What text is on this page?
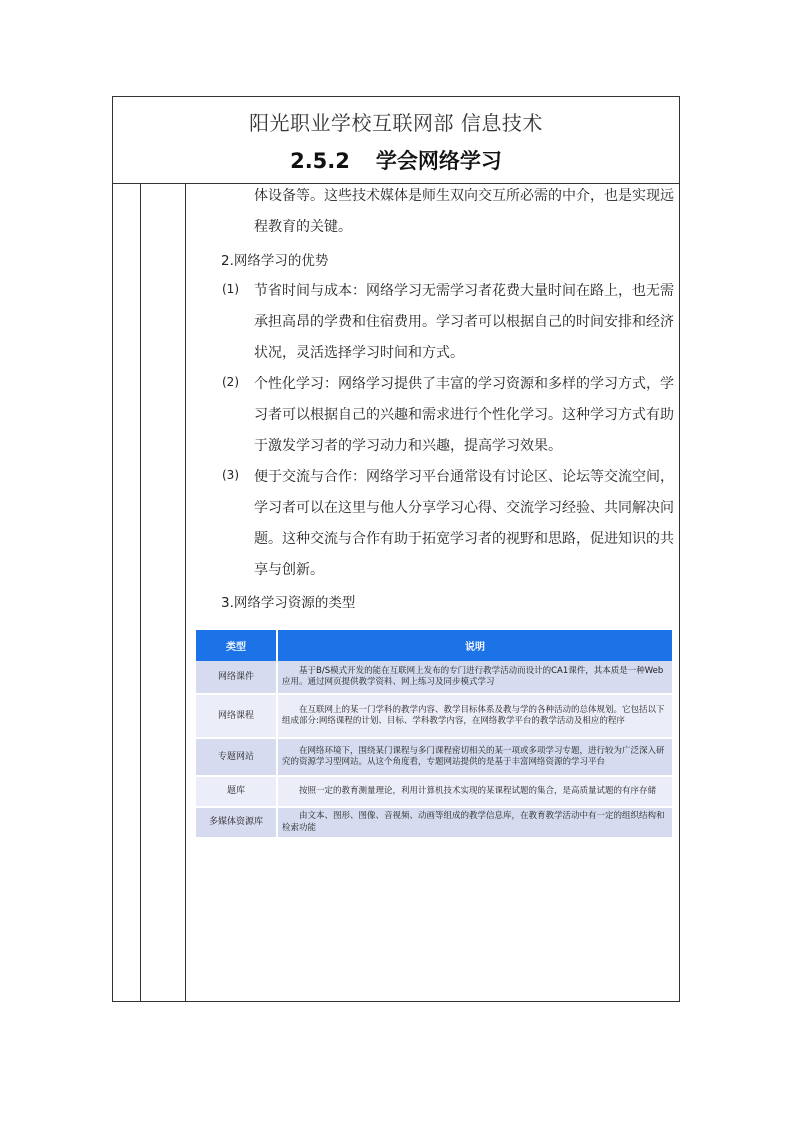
阳光职业学校互联网部 信息技术
2.5.2 学会网络学习
体设备等。这些技术媒体是师生双向交互所必需的中介，也是实现远
程教育的关键。
2.网络学习的优势
(1) 节省时间与成本：网络学习无需学习者花费大量时间在路上，也无需
承担高昂的学费和住宿费用。学习者可以根据自己的时间安排和经济
状况，灵活选择学习时间和方式。
(2) 个性化学习：网络学习提供了丰富的学习资源和多样的学习方式，学
习者可以根据自己的兴趣和需求进行个性化学习。这种学习方式有助
于激发学习者的学习动力和兴趣，提高学习效果。
(3) 便于交流与合作：网络学习平台通常设有讨论区、论坛等交流空间，
学习者可以在这里与他人分享学习心得、交流学习经验、共同解决问
题。这种交流与合作有助于拓宽学习者的视野和思路，促进知识的共
享与创新。
3.网络学习资源的类型
类型	说明
网络课件	基于B/S模式开发的能在互联网上发布的专门进行教学活动而设计的CA1课件，其本质是一种Web应用。通过网页提供教学资料、网上练习及同步模式学习

网络课程	在互联网上的某一门学科的教学内容、教学目标体系及教与学的各种活动的总体规划。它包括以下组成部分:网络课程的计划、目标、学科教学内容，在网络教学平台的教学活动及相应的程序

专题网站	在网络环境下，围绕某门课程与多门课程密切相关的某一项或多项学习专题，进行较为广泛深入研究的资源学习型网站。从这个角度看，专题网站提供的是基于丰富网络资源的学习平台

题库	按照一定的教育测量理论，利用计算机技术实现的某课程试题的集合，是高质量试题的有序存储

多媒体资源库	由文本、图形、图像、音视频、动画等组成的教学信息库，在教育教学活动中有一定的组织结构和检索功能
